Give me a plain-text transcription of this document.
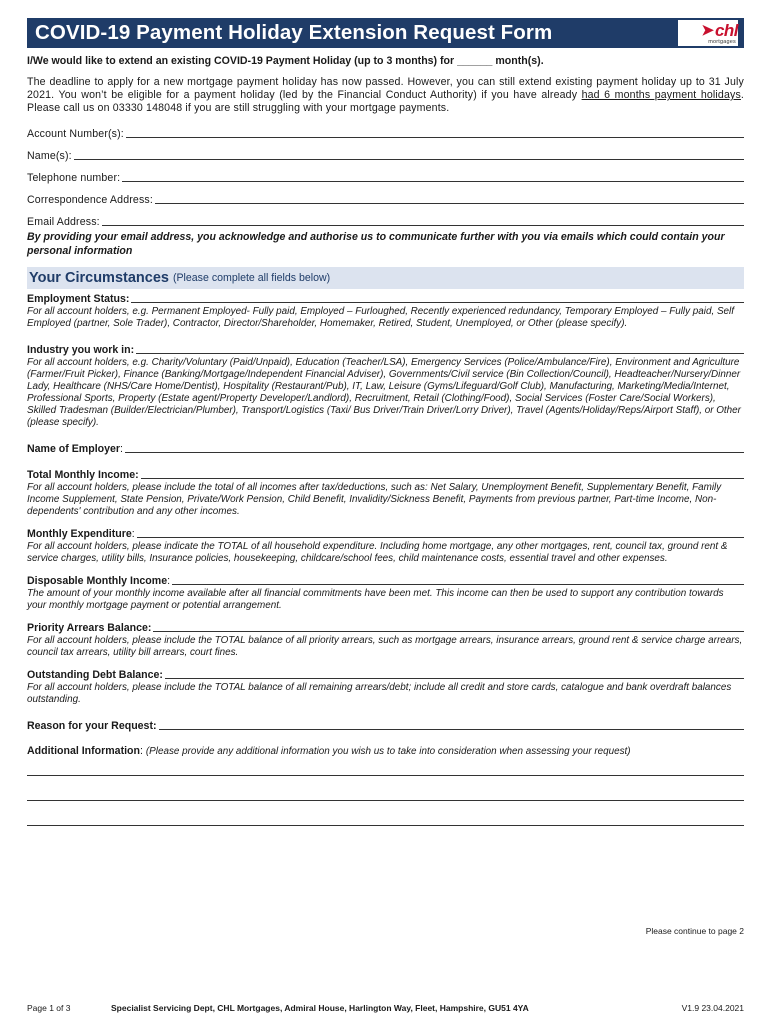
COVID-19 Payment Holiday Extension Request Form	➤ chl
mortgages
I/We would like to extend an existing COVID-19 Payment Holiday (up to 3 months) for ______ month(s).
The deadline to apply for a new mortgage payment holiday has now passed. However, you can still extend existing payment holiday up to 31 July 2021. You won’t be eligible for a payment holiday (led by the Financial Conduct Authority) if you have already had 6 months payment holidays. Please call us on 03330 148048 if you are still struggling with your mortgage payments.
Account Number(s):
Name(s):
Telephone number:
Correspondence Address:
Email Address:
By providing your email address, you acknowledge and authorise us to communicate further with you via emails which could contain your personal information
Your Circumstances (Please complete all fields below)
Employment Status:
For all account holders, e.g. Permanent Employed- Fully paid, Employed – Furloughed, Recently experienced redundancy, Temporary Employed – Fully paid, Self Employed (partner, Sole Trader), Contractor, Director/Shareholder, Homemaker, Retired, Student, Unemployed, or Other (please specify).
Industry you work in:
For all account holders, e.g. Charity/Voluntary (Paid/Unpaid), Education (Teacher/LSA), Emergency Services (Police/Ambulance/Fire), Environment and Agriculture (Farmer/Fruit Picker), Finance (Banking/Mortgage/Independent Financial Adviser), Governments/Civil service (Bin Collection/Council), Headteacher/Nursery/Dinner Lady, Healthcare (NHS/Care Home/Dentist), Hospitality (Restaurant/Pub), IT, Law, Leisure (Gyms/Lifeguard/Golf Club), Manufacturing, Marketing/Media/Internet, Professional Sports, Property (Estate agent/Property Developer/Landlord), Recruitment, Retail (Clothing/Food), Social Services (Foster Care/Social Workers), Skilled Tradesman (Builder/Electrician/Plumber), Transport/Logistics (Taxi/ Bus Driver/Train Driver/Lorry Driver), Travel (Agents/Holiday/Reps/Airport Staff), or Other (please specify).
Name of Employer :
Total Monthly Income:
For all account holders, please include the total of all incomes after tax/deductions, such as: Net Salary, Unemployment Benefit, Supplementary Benefit, Family Income Supplement, State Pension, Private/Work Pension, Child Benefit, Invalidity/Sickness Benefit, Payments from previous partner, Part-time Income, Non-dependents' contribution and any other incomes.
Monthly Expenditure :
For all account holders, please indicate the TOTAL of all household expenditure. Including home mortgage, any other mortgages, rent, council tax, ground rent & service charges, utility bills, Insurance policies, housekeeping, childcare/school fees, child maintenance costs, essential travel and other expenses.
Disposable Monthly Income :
The amount of your monthly income available after all financial commitments have been met. This income can then be used to support any contribution towards your monthly mortgage payment or potential arrangement.
Priority Arrears Balance:
For all account holders, please include the TOTAL balance of all priority arrears, such as mortgage arrears, insurance arrears, ground rent & service charge arrears, council tax arrears, utility bill arrears, court fines.
Outstanding Debt Balance:
For all account holders, please include the TOTAL balance of all remaining arrears/debt; include all credit and store cards, catalogue and bank overdraft balances outstanding.
Reason for your Request:
Additional Information: (Please provide any additional information you wish us to take into consideration when assessing your request)
Please continue to page 2
Page 1 of 3	Specialist Servicing Dept, CHL Mortgages, Admiral House, Harlington Way, Fleet, Hampshire, GU51 4YA	V1.9 23.04.2021
